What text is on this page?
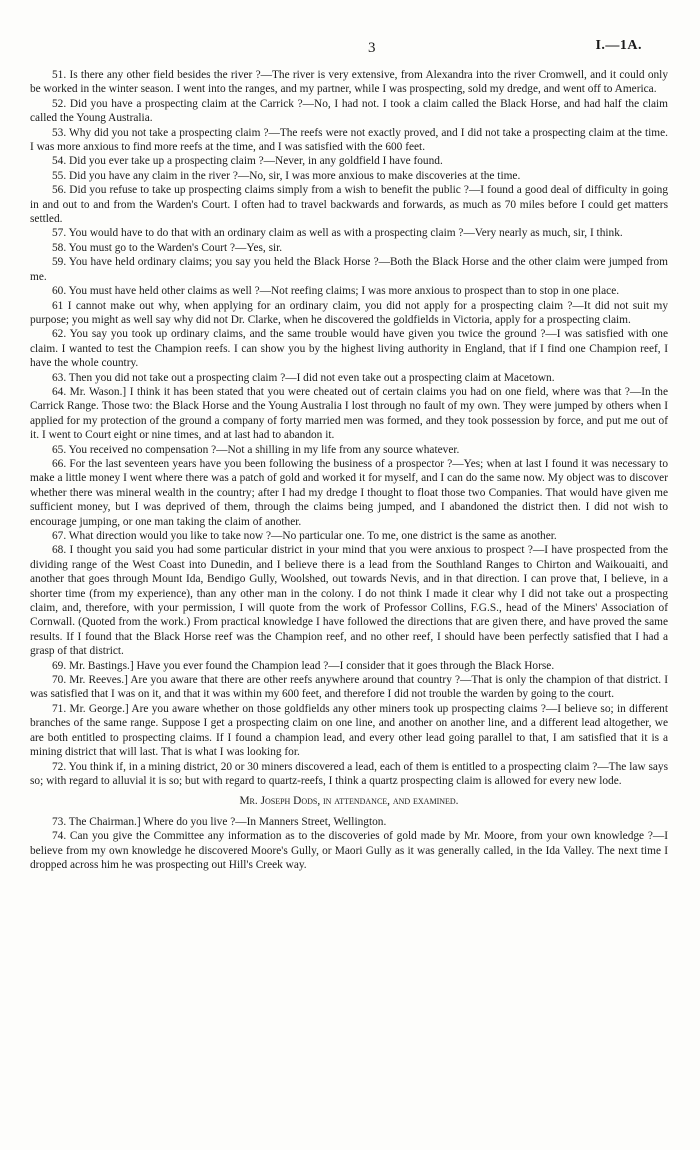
3	I.—1A.

51. Is there any other field besides the river ?—The river is very extensive, from Alexandra into the river Cromwell, and it could only be worked in the winter season. I went into the ranges, and my partner, while I was prospecting, sold my dredge, and went off to America.

52. Did you have a prospecting claim at the Carrick ?—No, I had not. I took a claim called the Black Horse, and had half the claim called the Young Australia.

53. Why did you not take a prospecting claim ?—The reefs were not exactly proved, and I did not take a prospecting claim at the time. I was more anxious to find more reefs at the time, and I was satisfied with the 600 feet.

54. Did you ever take up a prospecting claim ?—Never, in any goldfield I have found.

55. Did you have any claim in the river ?—No, sir, I was more anxious to make discoveries at the time.

56. Did you refuse to take up prospecting claims simply from a wish to benefit the public ?—I found a good deal of difficulty in going in and out to and from the Warden's Court. I often had to travel backwards and forwards, as much as 70 miles before I could get matters settled.

57. You would have to do that with an ordinary claim as well as with a prospecting claim ?—Very nearly as much, sir, I think.

58. You must go to the Warden's Court ?—Yes, sir.

59. You have held ordinary claims; you say you held the Black Horse ?—Both the Black Horse and the other claim were jumped from me.

60. You must have held other claims as well ?—Not reefing claims; I was more anxious to prospect than to stop in one place.

61 I cannot make out why, when applying for an ordinary claim, you did not apply for a prospecting claim ?—It did not suit my purpose; you might as well say why did not Dr. Clarke, when he discovered the goldfields in Victoria, apply for a prospecting claim.

62. You say you took up ordinary claims, and the same trouble would have given you twice the ground ?—I was satisfied with one claim. I wanted to test the Champion reefs. I can show you by the highest living authority in England, that if I find one Champion reef, I have the whole country.

63. Then you did not take out a prospecting claim ?—I did not even take out a prospecting claim at Macetown.

64. Mr. Wason.] I think it has been stated that you were cheated out of certain claims you had on one field, where was that ?—In the Carrick Range. Those two: the Black Horse and the Young Australia I lost through no fault of my own. They were jumped by others when I applied for my protection of the ground a company of forty married men was formed, and they took possession by force, and put me out of it. I went to Court eight or nine times, and at last had to abandon it.

65. You received no compensation ?—Not a shilling in my life from any source whatever.

66. For the last seventeen years have you been following the business of a prospector ?—Yes; when at last I found it was necessary to make a little money I went where there was a patch of gold and worked it for myself, and I can do the same now. My object was to discover whether there was mineral wealth in the country; after I had my dredge I thought to float those two Companies. That would have given me sufficient money, but I was deprived of them, through the claims being jumped, and I abandoned the district then. I did not wish to encourage jumping, or one man taking the claim of another.

67. What direction would you like to take now ?—No particular one. To me, one district is the same as another.

68. I thought you said you had some particular district in your mind that you were anxious to prospect ?—I have prospected from the dividing range of the West Coast into Dunedin, and I believe there is a lead from the Southland Ranges to Chirton and Waikouaiti, and another that goes through Mount Ida, Bendigo Gully, Woolshed, out towards Nevis, and in that direction. I can prove that, I believe, in a shorter time (from my experience), than any other man in the colony. I do not think I made it clear why I did not take out a prospecting claim, and, therefore, with your permission, I will quote from the work of Professor Collins, F.G.S., head of the Miners' Association of Cornwall. (Quoted from the work.) From practical knowledge I have followed the directions that are given there, and have proved the same results. If I found that the Black Horse reef was the Champion reef, and no other reef, I should have been perfectly satisfied that I had a grasp of that district.

69. Mr. Bastings.] Have you ever found the Champion lead ?—I consider that it goes through the Black Horse.

70. Mr. Reeves.] Are you aware that there are other reefs anywhere around that country ?—That is only the champion of that district. I was satisfied that I was on it, and that it was within my 600 feet, and therefore I did not trouble the warden by going to the court.

71. Mr. George.] Are you aware whether on those goldfields any other miners took up prospecting claims ?—I believe so; in different branches of the same range. Suppose I get a prospecting claim on one line, and another on another line, and a different lead altogether, we are both entitled to prospecting claims. If I found a champion lead, and every other lead going parallel to that, I am satisfied that it is a mining district that will last. That is what I was looking for.

72. You think if, in a mining district, 20 or 30 miners discovered a lead, each of them is entitled to a prospecting claim ?—The law says so; with regard to alluvial it is so; but with regard to quartz-reefs, I think a quartz prospecting claim is allowed for every new lode.

Mr. Joseph Dods, in attendance, and examined.

73. The Chairman.] Where do you live ?—In Manners Street, Wellington.

74. Can you give the Committee any information as to the discoveries of gold made by Mr. Moore, from your own knowledge ?—I believe from my own knowledge he discovered Moore's Gully, or Maori Gully as it was generally called, in the Ida Valley. The next time I dropped across him he was prospecting out Hill's Creek way.
